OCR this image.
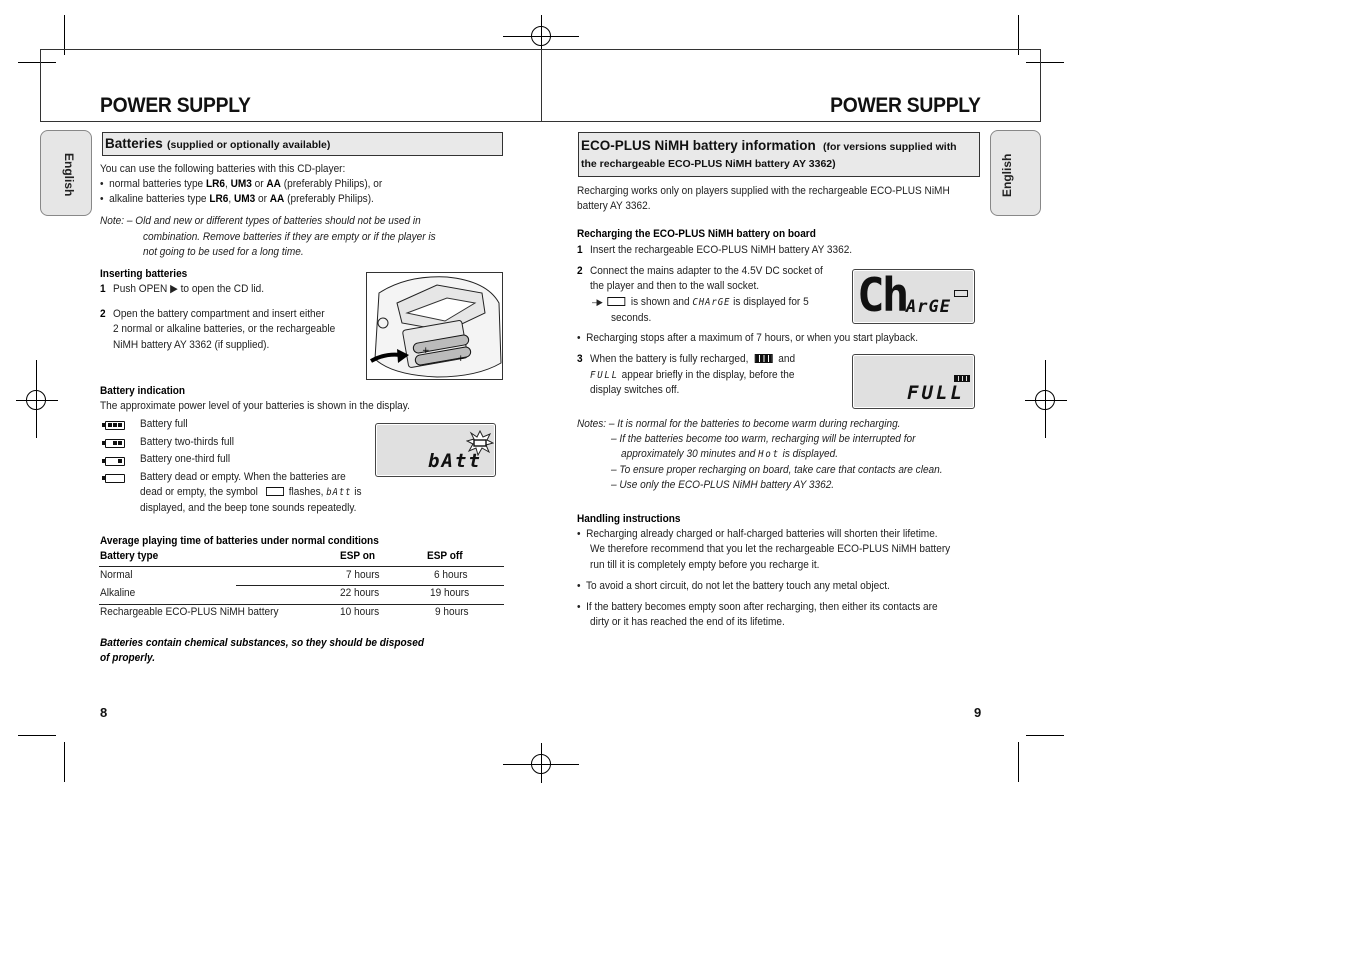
POWER SUPPLY	POWER SUPPLY
English	English
Batteries (supplied or optionally available)
You can use the following batteries with this CD-player:
•  normal batteries type LR6, UM3 or AA (preferably Philips), or
•  alkaline batteries type LR6, UM3 or AA (preferably Philips).
Note: – Old and new or different types of batteries should not be used in
combination. Remove batteries if they are empty or if the player is
not going to be used for a long time.
Inserting batteries
1 Push OPEN ▶ to open the CD lid.
2 Open the battery compartment and insert either
2 normal or alkaline batteries, or the rechargeable
NiMH battery AY 3362 (if supplied).	+
+
Battery indication
The approximate power level of your batteries is shown in the display.
Battery full
Battery two-thirds full
Battery one-third full
Battery dead or empty. When the batteries are
dead or empty, the symbol	flashes, bAtt is
displayed, and the beep tone sounds repeatedly.
bAtt
Average playing time of batteries under normal conditions
Battery type	ESP on	ESP off
Normal	7 hours	6 hours
Alkaline	22 hours	19 hours
Rechargeable ECO-PLUS NiMH battery	10 hours	9 hours
Batteries contain chemical substances, so they should be disposed
of properly.
8
ECO-PLUS NiMH battery information (for versions supplied with
the rechargeable ECO-PLUS NiMH battery AY 3362)
Recharging works only on players supplied with the rechargeable ECO-PLUS NiMH
battery AY 3362.
Recharging the ECO-PLUS NiMH battery on board
1 Insert the rechargeable ECO-PLUS NiMH battery AY 3362.
2 Connect the mains adapter to the 4.5V DC socket of
the player and then to the wall socket.
–▶	is shown and CHArGE is displayed for 5
seconds.	Ch ArGE
•  Recharging stops after a maximum of 7 hours, or when you start playback.
3 When the battery is fully recharged,	and
FULL appear briefly in the display, before the
display switches off.	FULL
Notes: – It is normal for the batteries to become warm during recharging.
– If the batteries become too warm, recharging will be interrupted for
approximately 30 minutes and Hot is displayed.
– To ensure proper recharging on board, take care that contacts are clean.
– Use only the ECO-PLUS NiMH battery AY 3362.
Handling instructions
•  Recharging already charged or half-charged batteries will shorten their lifetime.
We therefore recommend that you let the rechargeable ECO-PLUS NiMH battery
run till it is completely empty before you recharge it.
•  To avoid a short circuit, do not let the battery touch any metal object.
•  If the battery becomes empty soon after recharging, then either its contacts are
dirty or it has reached the end of its lifetime.
9
